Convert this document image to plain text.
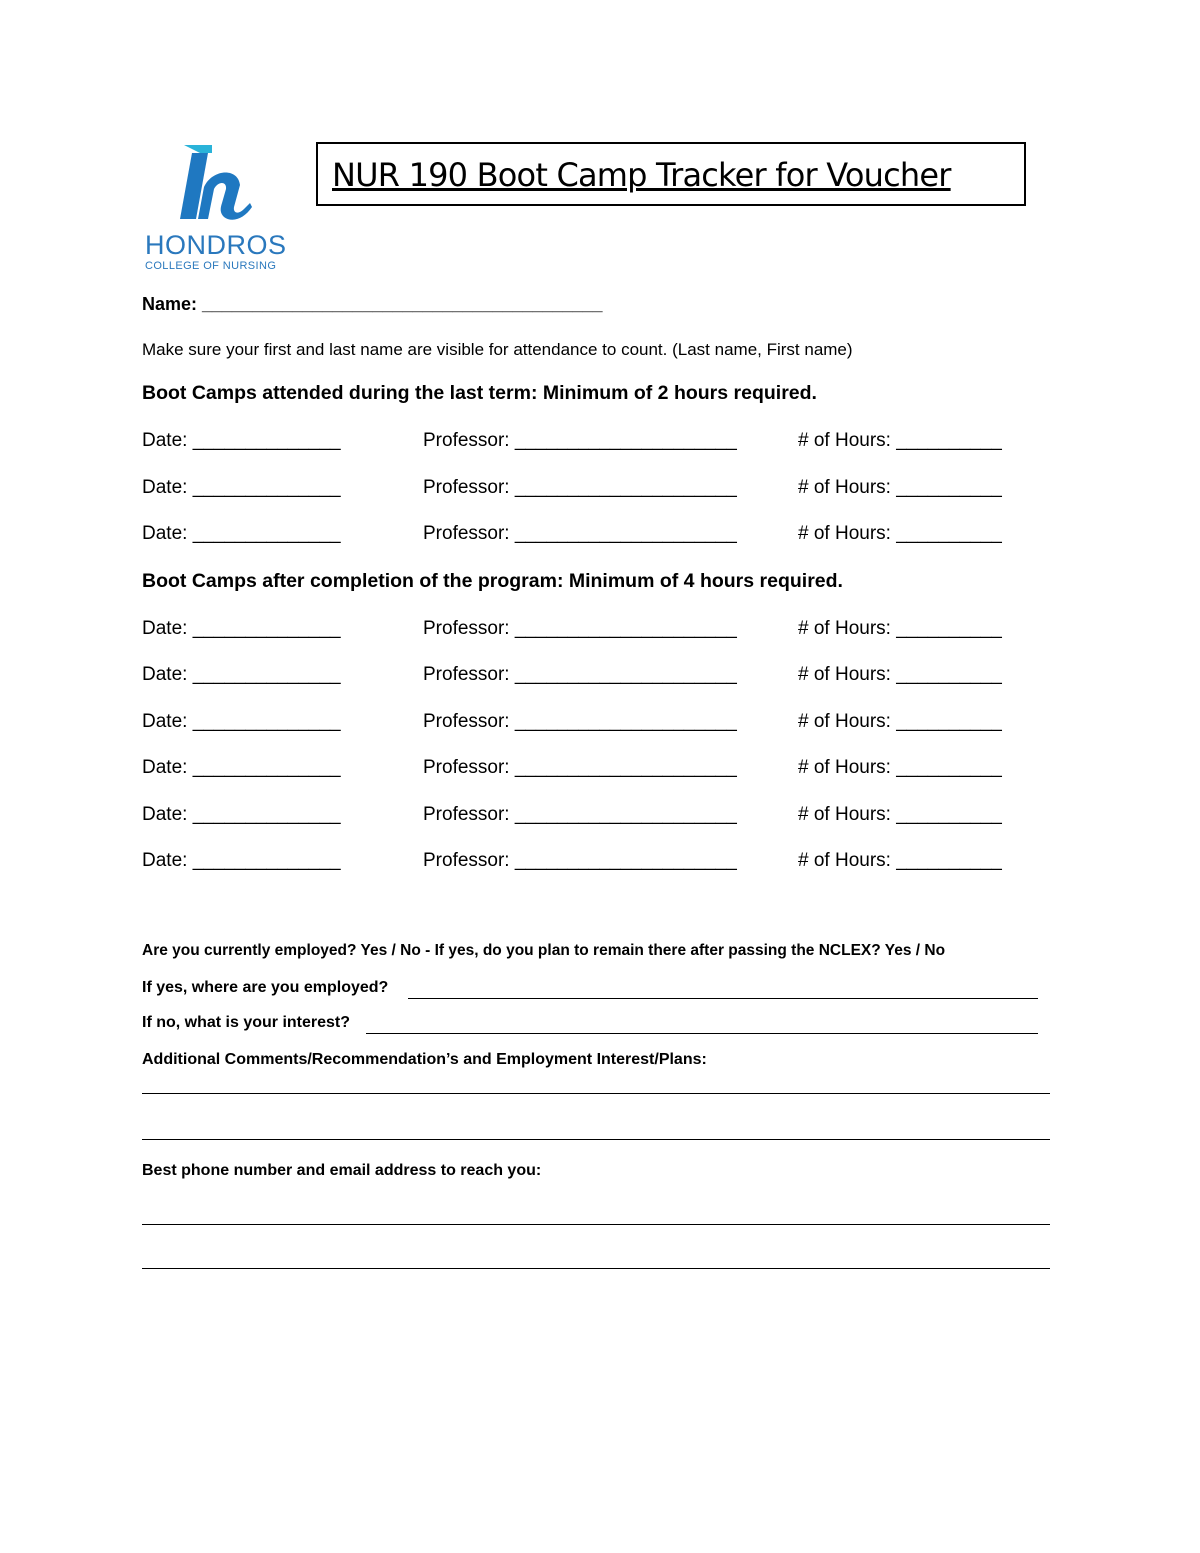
HONDROS
COLLEGE OF NURSING
NUR 190 Boot Camp Tracker for Voucher
Name: ________________________________________
Make sure your first and last name are visible for attendance to count. (Last name, First name)
Boot Camps attended during the last term: Minimum of 2 hours required.
Date: ______________	Professor: _____________________	# of Hours: __________
Date: ______________	Professor: _____________________	# of Hours: __________
Date: ______________	Professor: _____________________	# of Hours: __________
Boot Camps after completion of the program: Minimum of 4 hours required.
Date: ______________	Professor: _____________________	# of Hours: __________
Date: ______________	Professor: _____________________	# of Hours: __________
Date: ______________	Professor: _____________________	# of Hours: __________
Date: ______________	Professor: _____________________	# of Hours: __________
Date: ______________	Professor: _____________________	# of Hours: __________
Date: ______________	Professor: _____________________	# of Hours: __________
Are you currently employed? Yes / No - If yes, do you plan to remain there after passing the NCLEX? Yes / No
If yes, where are you employed?
If no, what is your interest?
Additional Comments/Recommendation’s and Employment Interest/Plans:
Best phone number and email address to reach you:
